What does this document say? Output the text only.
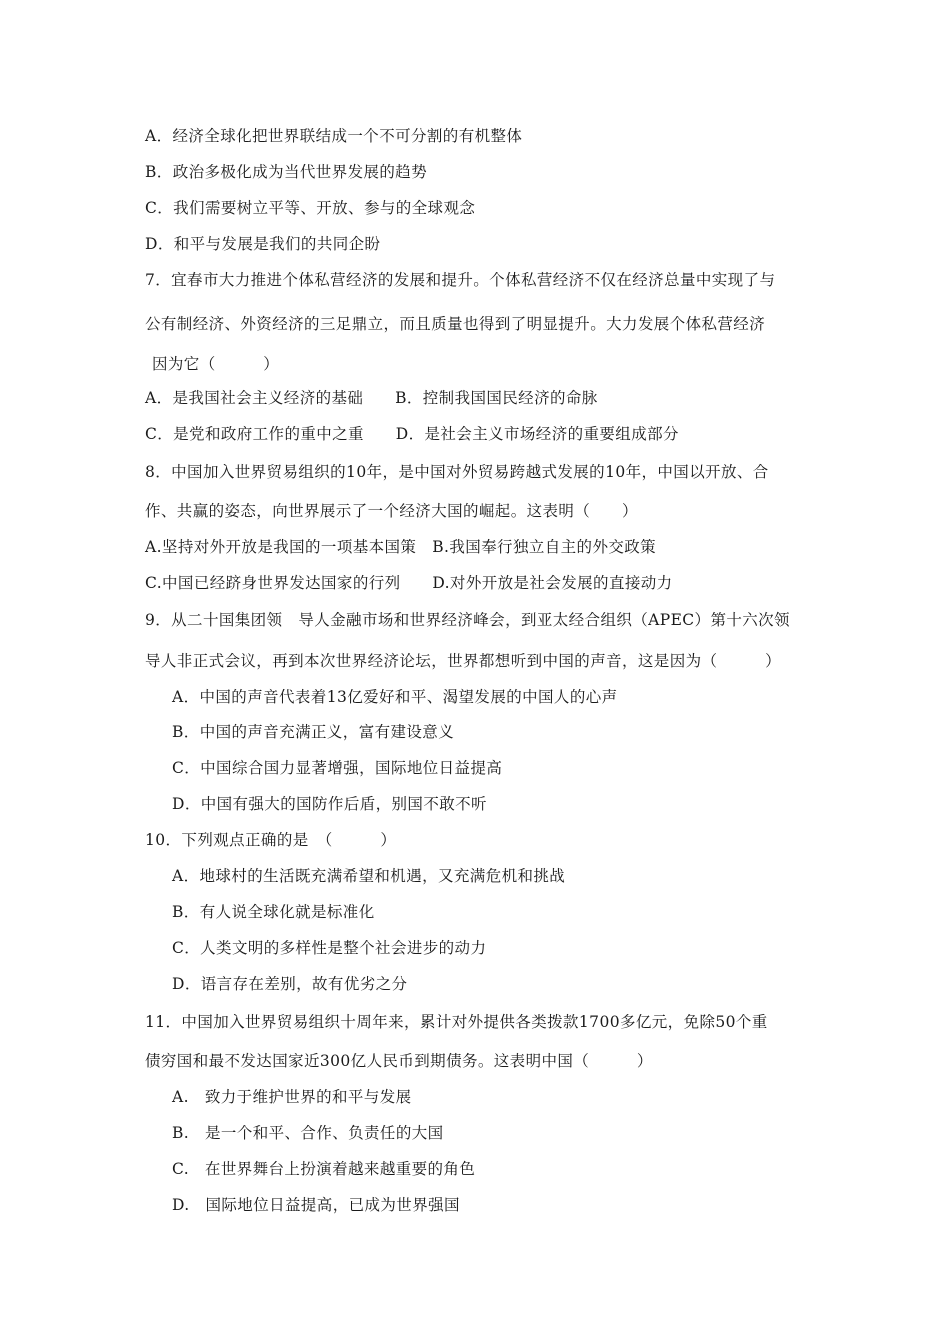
A．经济全球化把世界联结成一个不可分割的有机整体
B．政治多极化成为当代世界发展的趋势
C．我们需要树立平等、开放、参与的全球观念
D．和平与发展是我们的共同企盼
7．宜春市大力推进个体私营经济的发展和提升。个体私营经济不仅在经济总量中实现了与
公有制经济、外资经济的三足鼎立，而且质量也得到了明显提升。大力发展个体私营经济
因为它（　　　）
A．是我国社会主义经济的基础　　B．控制我国国民经济的命脉
C．是党和政府工作的重中之重　　D．是社会主义市场经济的重要组成部分
8．中国加入世界贸易组织的10年，是中国对外贸易跨越式发展的10年，中国以开放、合
作、共赢的姿态，向世界展示了一个经济大国的崛起。这表明（　　）
A.坚持对外开放是我国的一项基本国策　B.我国奉行独立自主的外交政策
C.中国已经跻身世界发达国家的行列　　D.对外开放是社会发展的直接动力
9．从二十国集团领　导人金融市场和世界经济峰会，到亚太经合组织（APEC）第十六次领
导人非正式会议，再到本次世界经济论坛，世界都想听到中国的声音，这是因为（　　　）
A．中国的声音代表着13亿爱好和平、渴望发展的中国人的心声
B．中国的声音充满正义，富有建设意义
C．中国综合国力显著增强，国际地位日益提高
D．中国有强大的国防作后盾，别国不敢不听
10．下列观点正确的是　（　　　）
A．地球村的生活既充满希望和机遇，又充满危机和挑战
B．有人说全球化就是标准化
C．人类文明的多样性是整个社会进步的动力
D．语言存在差别，故有优劣之分
11．中国加入世界贸易组织十周年来，累计对外提供各类拨款1700多亿元，免除50个重
债穷国和最不发达国家近300亿人民币到期债务。这表明中国（　　　）
A.　致力于维护世界的和平与发展
B.　是一个和平、合作、负责任的大国
C.　在世界舞台上扮演着越来越重要的角色
D.　国际地位日益提高，已成为世界强国
